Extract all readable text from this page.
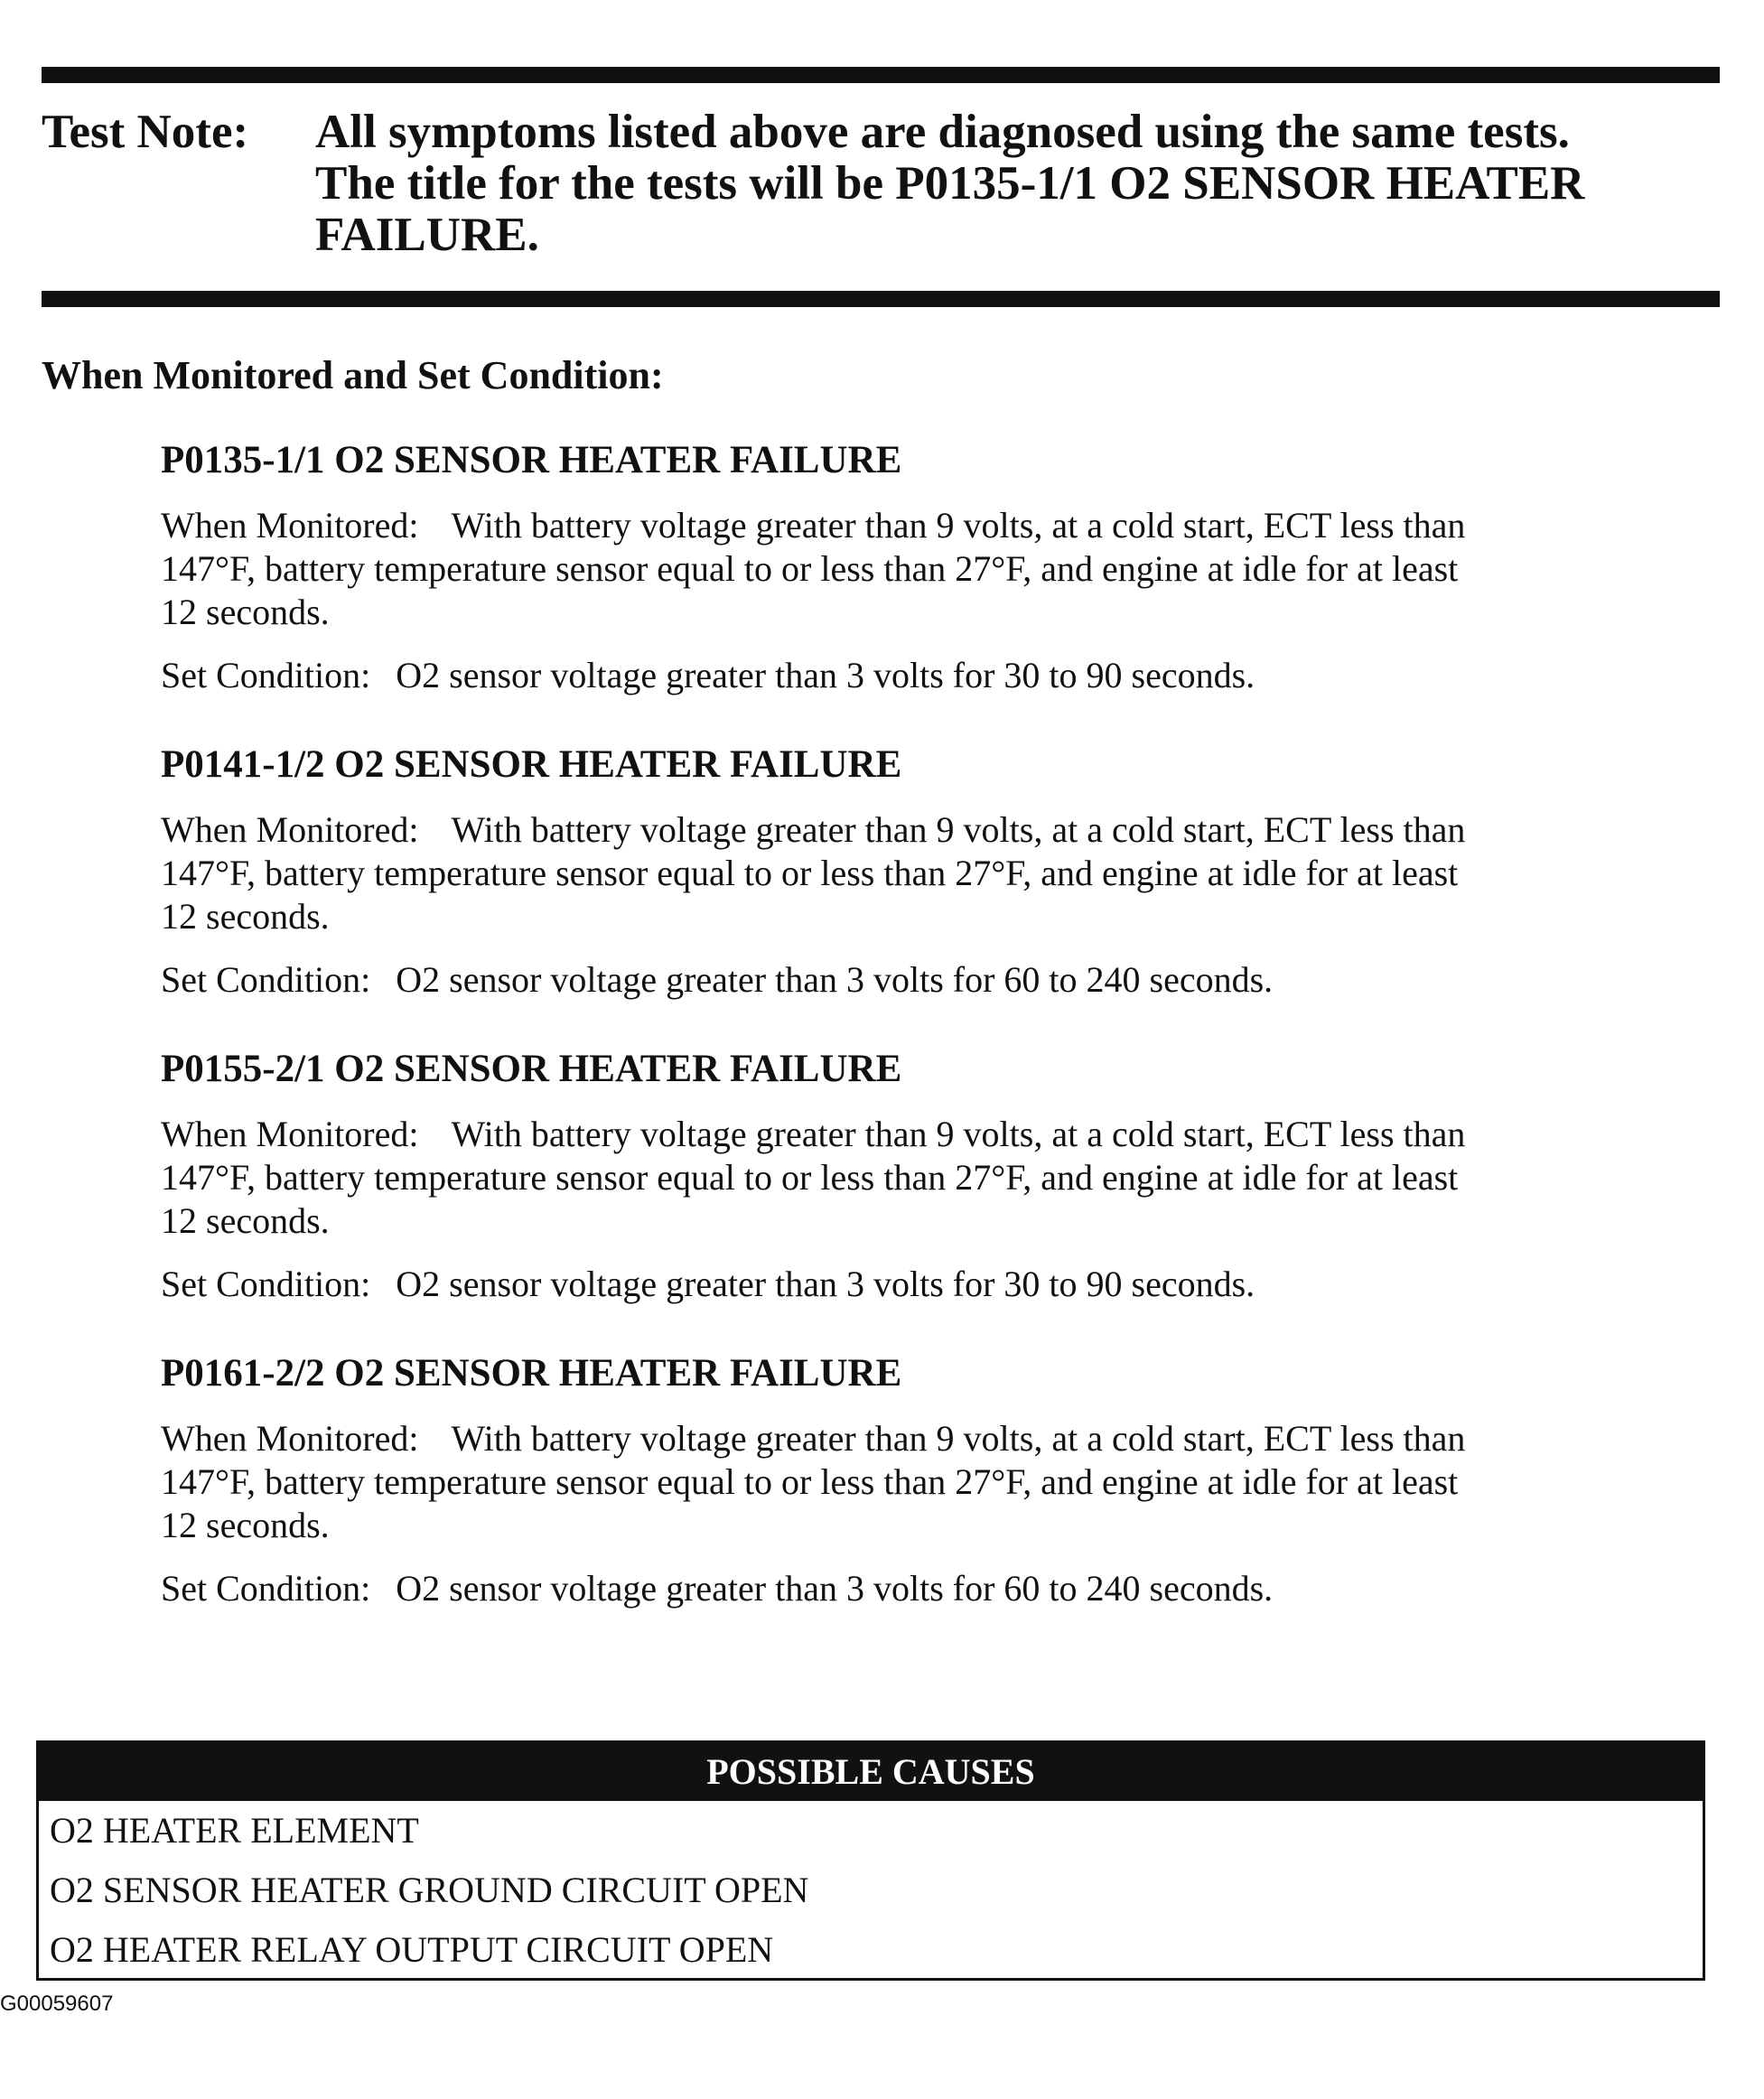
Test Note: All symptoms listed above are diagnosed using the same tests.
The title for the tests will be P0135-1/1 O2 SENSOR HEATER
FAILURE.
When Monitored and Set Condition:
P0135-1/1 O2 SENSOR HEATER FAILURE
When Monitored: With battery voltage greater than 9 volts, at a cold start, ECT less than
147°F, battery temperature sensor equal to or less than 27°F, and engine at idle for at least
12 seconds.
Set Condition: O2 sensor voltage greater than 3 volts for 30 to 90 seconds.
P0141-1/2 O2 SENSOR HEATER FAILURE
When Monitored: With battery voltage greater than 9 volts, at a cold start, ECT less than
147°F, battery temperature sensor equal to or less than 27°F, and engine at idle for at least
12 seconds.
Set Condition: O2 sensor voltage greater than 3 volts for 60 to 240 seconds.
P0155-2/1 O2 SENSOR HEATER FAILURE
When Monitored: With battery voltage greater than 9 volts, at a cold start, ECT less than
147°F, battery temperature sensor equal to or less than 27°F, and engine at idle for at least
12 seconds.
Set Condition: O2 sensor voltage greater than 3 volts for 30 to 90 seconds.
P0161-2/2 O2 SENSOR HEATER FAILURE
When Monitored: With battery voltage greater than 9 volts, at a cold start, ECT less than
147°F, battery temperature sensor equal to or less than 27°F, and engine at idle for at least
12 seconds.
Set Condition: O2 sensor voltage greater than 3 volts for 60 to 240 seconds.
POSSIBLE CAUSES
O2 HEATER ELEMENT
O2 SENSOR HEATER GROUND CIRCUIT OPEN
O2 HEATER RELAY OUTPUT CIRCUIT OPEN
G00059607
